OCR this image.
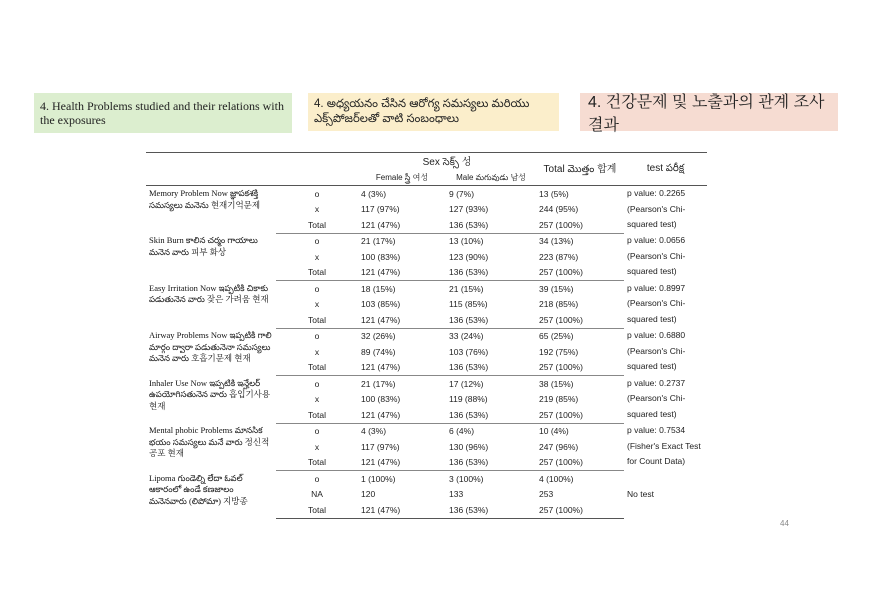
4. Health Problems studied and their relations with the exposures
4. అధ్యయనం చేసిన ఆరోగ్య సమస్యలు మరియు ఎక్స్‌పోజర్‌లతో వాటి సంబంధాలు
4. 건강문제 및 노출과의 관계 조사결과
		Sex సెక్స్ 성		Total మొత్తం 합계	test పరీక్ష
		Female స్త్రీ 여성	Male మగువుడు 남성		
Memory Problem Now జ్ఞాపకశక్తి సమస్యలు మనెను 현재기억문제	o	4 (3%)	9 (7%)	13 (5%)	p value: 0.2265 (Pearson's Chi-squared test)
	x	117 (97%)	127 (93%)	244 (95%)	
	Total	121 (47%)	136 (53%)	257 (100%)	
Skin Burn కాలిన చర్మం గాయాలు మనెన వారు 피부 화상	o	21 (17%)	13 (10%)	34 (13%)	p value: 0.0656 (Pearson's Chi-squared test)
	x	100 (83%)	123 (90%)	223 (87%)	
	Total	121 (47%)	136 (53%)	257 (100%)	
Easy Irritation Now ఇప్పటికి చికాకు పడుతునెన వారు 잦은 가려움 현재	o	18 (15%)	21 (15%)	39 (15%)	p value: 0.8997 (Pearson's Chi-squared test)
	x	103 (85%)	115 (85%)	218 (85%)	
	Total	121 (47%)	136 (53%)	257 (100%)	
Airway Problems Now ఇప్పటికి గాలి మార్గం ద్వారా పడుతునెనా సమస్యలు మనెన వారు 호흡기문제 현재	o	32 (26%)	33 (24%)	65 (25%)	p value: 0.6880 (Pearson's Chi-squared test)
	x	89 (74%)	103 (76%)	192 (75%)	
	Total	121 (47%)	136 (53%)	257 (100%)	
Inhaler Use Now ఇప్పటికి ఇన్హేలర్ ఉపయోగిసతునెన వారు 흡입기사용 현재	o	21 (17%)	17 (12%)	38 (15%)	p value: 0.2737 (Pearson's Chi-squared test)
	x	100 (83%)	119 (88%)	219 (85%)	
	Total	121 (47%)	136 (53%)	257 (100%)	
Mental phobic Problems మానసిక భయం సమస్యలు మనే వారు 정신적공포 현재	o	4 (3%)	6 (4%)	10 (4%)	p value: 0.7534 (Fisher's Exact Test for Count Data)
	x	117 (97%)	130 (96%)	247 (96%)	
	Total	121 (47%)	136 (53%)	257 (100%)	
Lipoma గుండెల్ని లేదా ఓవల్ ఆకారంలో ఉండే కణజాలం మనెనవారు (లిపోమా) 지방종	o	1 (100%)	3 (100%)	4 (100%)	No test
	NA	120	133	253	
	Total	121 (47%)	136 (53%)	257 (100%)	
44
